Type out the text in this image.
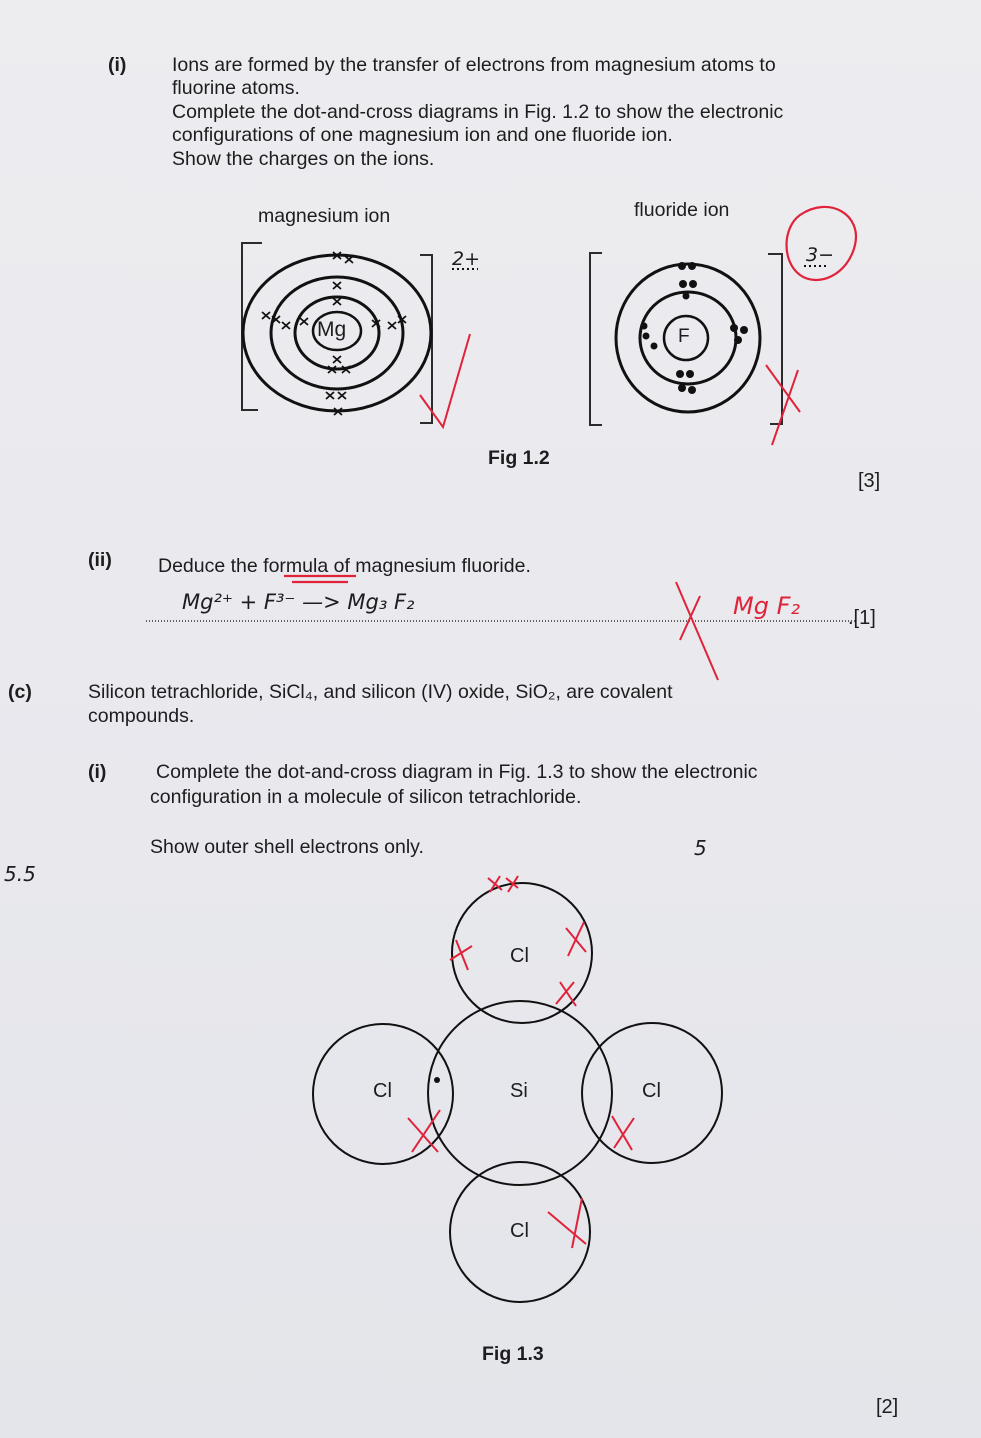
(i) Ions are formed by the transfer of electrons from magnesium atoms to
fluorine atoms.
Complete the dot-and-cross diagrams in Fig. 1.2 to show the electronic
configurations of one magnesium ion and one fluoride ion.
Show the charges on the ions.
magnesium ion	fluoride ion
Mg	F
2+	3−
Fig 1.2
[3]
(ii) Deduce the formula of magnesium fluoride.
Mg²⁺ + F³⁻ —> Mg₃ F₂	Mg F₂ .[1]
(c)	Silicon tetrachloride, SiCl₄, and silicon (IV) oxide, SiO₂, are covalent
compounds.
(i)	Complete the dot-and-cross diagram in Fig. 1.3 to show the electronic
configuration in a molecule of silicon tetrachloride.
Show outer shell electrons only.
5.5
5
Cl
Cl	Si	Cl
Cl
Fig 1.3
[2]
